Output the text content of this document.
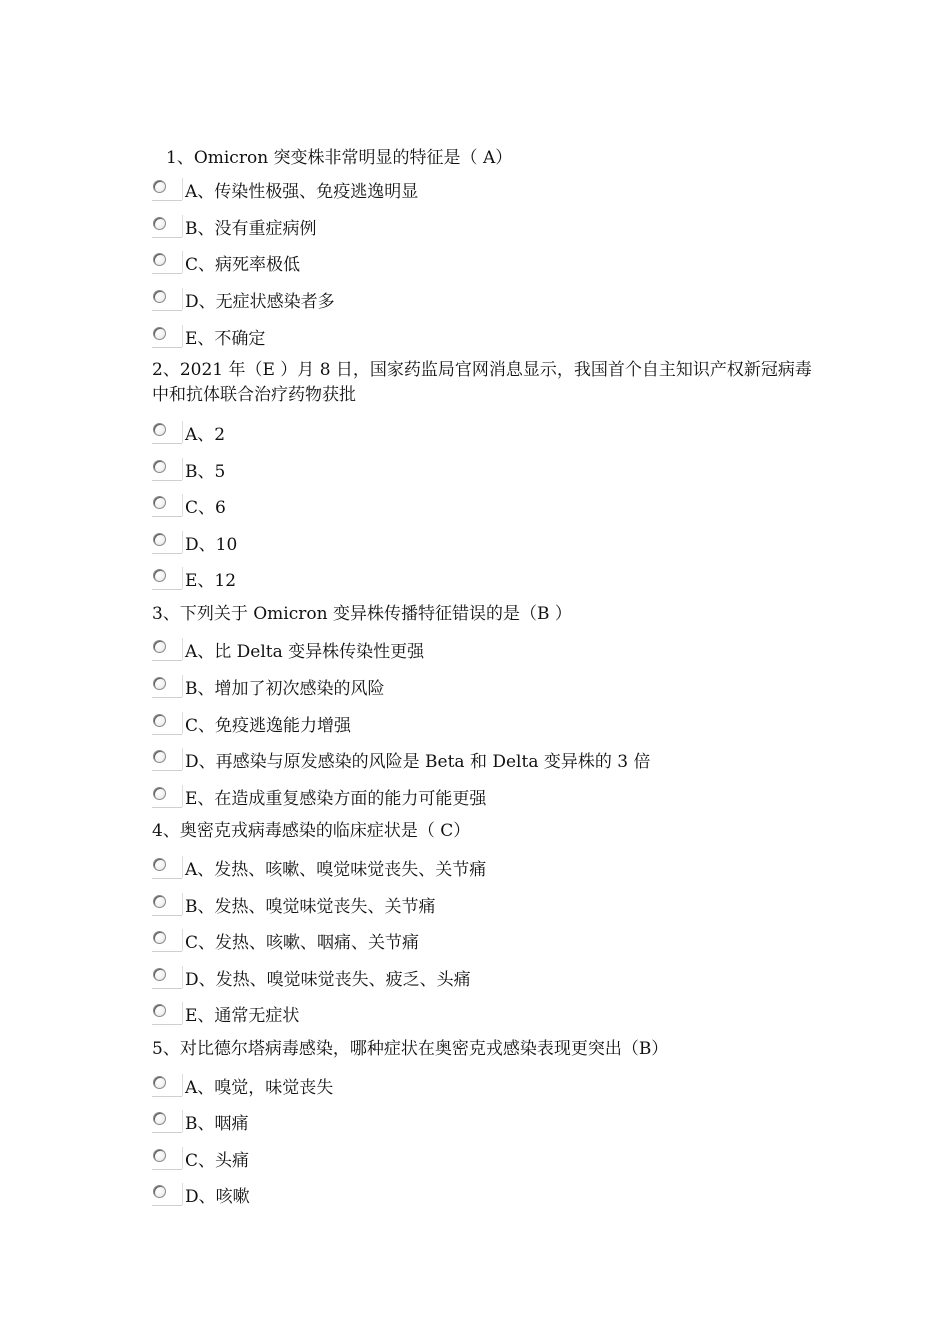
1、Omicron 突变株非常明显的特征是（ A）
A、传染性极强、免疫逃逸明显
B、没有重症病例
C、病死率极低
D、无症状感染者多
E、不确定
2、2021 年（E ）月 8 日，国家药监局官网消息显示，我国首个自主知识产权新冠病毒中和抗体联合治疗药物获批
A、2
B、5
C、6
D、10
E、12
3、下列关于 Omicron 变异株传播特征错误的是（B ）
A、比 Delta 变异株传染性更强
B、增加了初次感染的风险
C、免疫逃逸能力增强
D、再感染与原发感染的风险是 Beta 和 Delta 变异株的 3 倍
E、在造成重复感染方面的能力可能更强
4、奥密克戎病毒感染的临床症状是（ C）
A、发热、咳嗽、嗅觉味觉丧失、关节痛
B、发热、嗅觉味觉丧失、关节痛
C、发热、咳嗽、咽痛、关节痛
D、发热、嗅觉味觉丧失、疲乏、头痛
E、通常无症状
5、对比德尔塔病毒感染，哪种症状在奥密克戎感染表现更突出（B）
A、嗅觉，味觉丧失
B、咽痛
C、头痛
D、咳嗽
